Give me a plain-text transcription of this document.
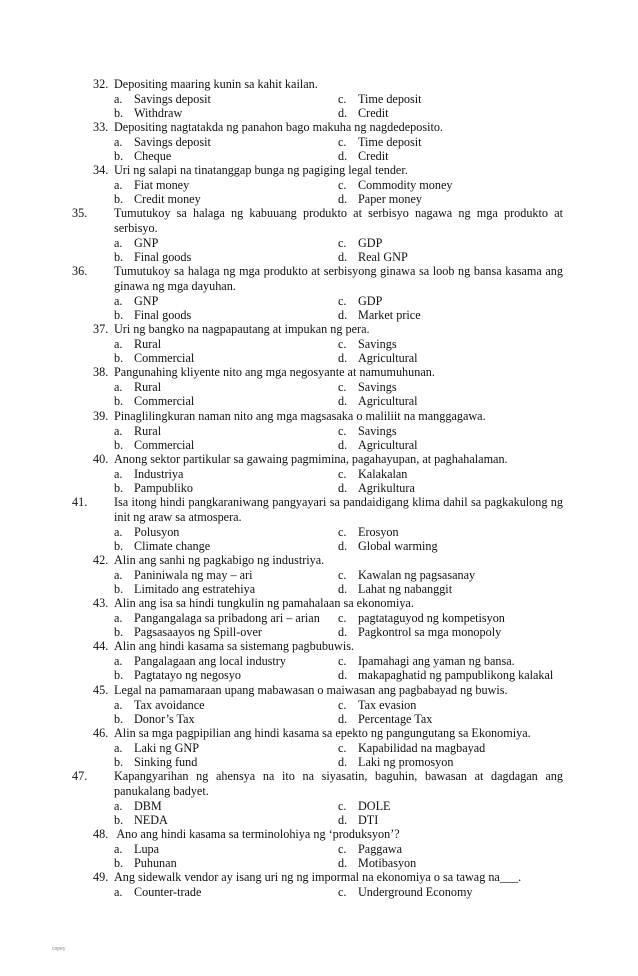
32. Depositing maaring kunin sa kahit kailan.
a. Savings deposit	c. Time deposit
b. Withdraw	d. Credit
33. Depositing nagtatakda ng panahon bago makuha ng nagdedeposito.
a. Savings deposit	c. Time deposit
b. Cheque	d. Credit
34. Uri ng salapi na tinatanggap bunga ng pagiging legal tender.
a. Fiat money	c. Commodity money
b. Credit money	d. Paper money
35. Tumutukoy sa halaga ng kabuuang produkto at serbisyo nagawa ng mga produkto at serbisyo.
a. GNP	c. GDP
b. Final goods	d. Real GNP
36. Tumutukoy sa halaga ng mga produkto at serbisyong ginawa sa loob ng bansa kasama ang ginawa ng mga dayuhan.
a. GNP	c. GDP
b. Final goods	d. Market price
37. Uri ng bangko na nagpapautang at impukan ng pera.
a. Rural	c. Savings
b. Commercial	d. Agricultural
38. Pangunahing kliyente nito ang mga negosyante at namumuhunan.
a. Rural	c. Savings
b. Commercial	d. Agricultural
39. Pinaglilingkuran naman nito ang mga magsasaka o maliliit na manggagawa.
a. Rural	c. Savings
b. Commercial	d. Agricultural
40. Anong sektor partikular sa gawaing pagmimina, pagahayupan, at paghahalaman.
a. Industriya	c. Kalakalan
b. Pampubliko	d. Agrikultura
41. Isa itong hindi pangkaraniwang pangyayari sa pandaidigang klima dahil sa pagkakulong ng init ng araw sa atmospera.
a. Polusyon	c. Erosyon
b. Climate change	d. Global warming
42. Alin ang sanhi ng pagkabigo ng industriya.
a. Paniniwala ng may – ari	c. Kawalan ng pagsasanay
b. Limitado ang estratehiya	d. Lahat ng nabanggit
43. Alin ang isa sa hindi tungkulin ng pamahalaan sa ekonomiya.
a. Pangangalaga sa pribadong ari – arian c. pagtataguyod ng kompetisyon
b. Pagsasaayos ng Spill-over	d. Pagkontrol sa mga monopoly
44. Alin ang hindi kasama sa sistemang pagbubuwis.
a. Pangalagaan ang local industry	c. Ipamahagi ang yaman ng bansa.
b. Pagtatayo ng negosyo	d. makapaghatid ng pampublikong kalakal
45. Legal na pamamaraan upang mabawasan o maiwasan ang pagbabayad ng buwis.
a. Tax avoidance	c. Tax evasion
b. Donor’s Tax	d. Percentage Tax
46. Alin sa mga pagpipilian ang hindi kasama sa epekto ng pangungutang sa Ekonomiya.
a. Laki ng GNP	c. Kapabilidad na magbayad
b. Sinking fund	d. Laki ng promosyon
47. Kapangyarihan ng ahensya na ito na siyasatin, baguhin, bawasan at dagdagan ang panukalang badyet.
a. DBM	c. DOLE
b. NEDA	d. DTI
48. Ano ang hindi kasama sa terminolohiya ng ‘produksyon’?
a. Lupa	c. Paggawa
b. Puhunan	d. Motibasyon
49. Ang sidewalk vendor ay isang uri ng ng impormal na ekonomiya o sa tawag na___.
a. Counter-trade	c. Underground Economy
copey
